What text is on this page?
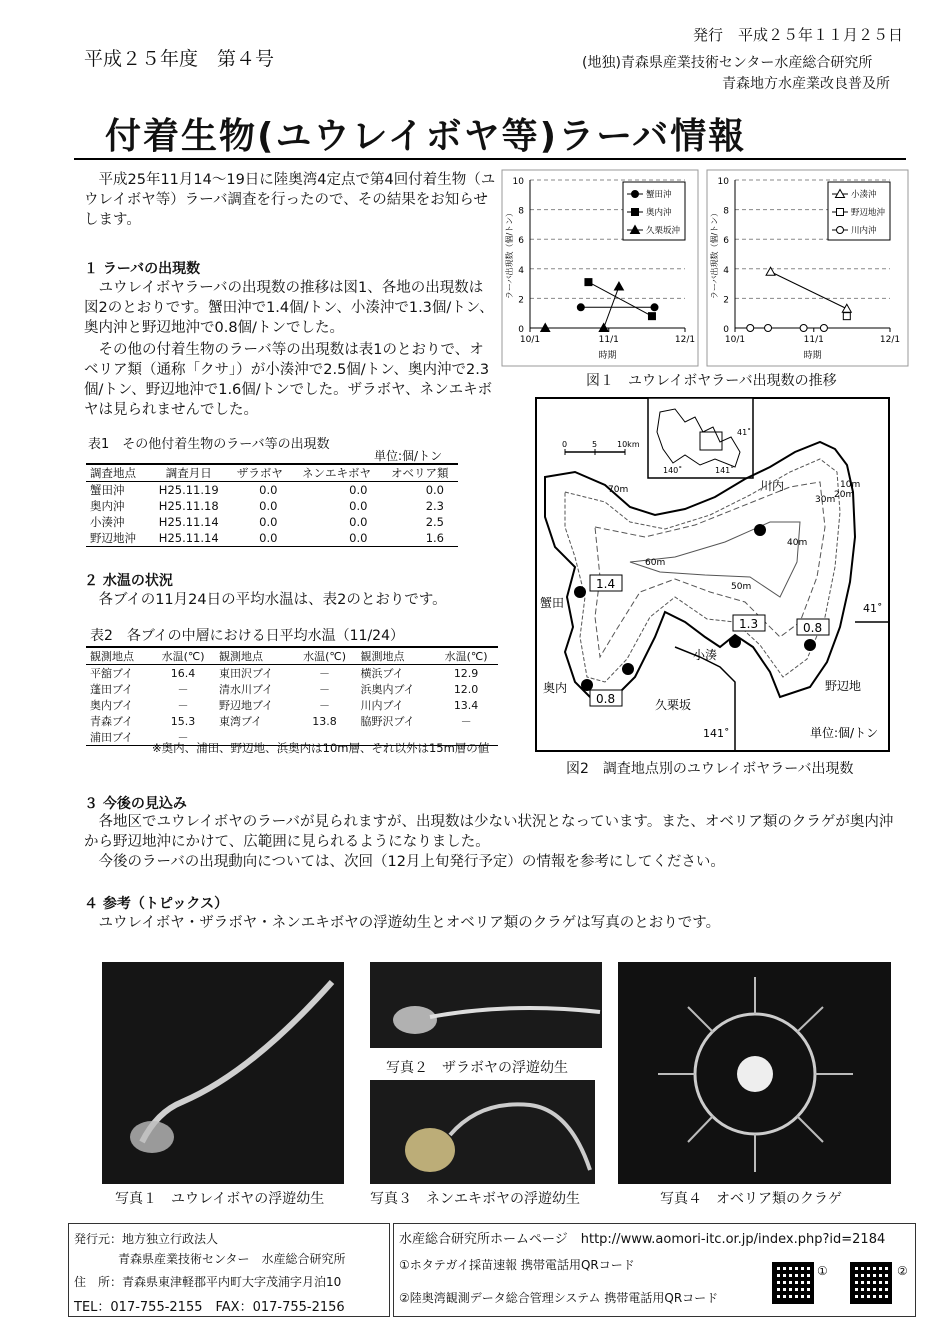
発行　平成２５年１１月２５日
平成２５年度　第４号	(地独)青森県産業技術センター水産総合研究所
青森地方水産業改良普及所
付着生物(ユウレイボヤ等)ラーバ情報
　平成25年11月14～19日に陸奥湾4定点で第4回付着生物（ユウレイボヤ等）ラーバ調査を行ったので、その結果をお知らせします。
１ ラーバの出現数
　ユウレイボヤラーバの出現数の推移は図1、各地の出現数は図2のとおりです。蟹田沖で1.4個/トン、小湊沖で1.3個/トン、奥内沖と野辺地沖で0.8個/トンでした。
　その他の付着生物のラーバ等の出現数は表1のとおりで、オベリア類（通称「クサ」）が小湊沖で2.5個/トン、奥内沖で2.3個/トン、野辺地沖で1.6個/トンでした。ザラボヤ、ネンエキボヤは見られませんでした。
表1　その他付着生物のラーバ等の出現数
単位:個/トン
調査地点	調査月日	ザラボヤ	ネンエキボヤ	オベリア類
蟹田沖	H25.11.19	0.0	0.0	0.0
奥内沖	H25.11.18	0.0	0.0	2.3
小湊沖	H25.11.14	0.0	0.0	2.5
野辺地沖	H25.11.14	0.0	0.0	1.6
２ 水温の状況
　各ブイの11月24日の平均水温は、表2のとおりです。
表2　各ブイの中層における日平均水温（11/24）
観測地点	水温(℃)	観測地点	水温(℃)	観測地点	水温(℃)
平舘ブイ	16.4	東田沢ブイ	－	横浜ブイ	12.9
蓬田ブイ	－	清水川ブイ	－	浜奥内ブイ	12.0
奥内ブイ	－	野辺地ブイ	－	川内ブイ	13.4
青森ブイ	15.3	東湾ブイ	13.8	脇野沢ブイ	－
浦田ブイ	－				
※奥内、浦田、野辺地、浜奥内は10m層、それ以外は15m層の値
0
2
4
6
8
10
10/1	11/1	12/1
時期
ラーバ出現数（個/トン）
蟹田沖
奥内沖
久栗坂沖
0
2
4
6
8
10
10/1	11/1	12/1
時期
ラーバ出現数（個/トン）
小湊沖
野辺地沖
川内沖
図１　ユウレイボヤラーバ出現数の推移
41˚
140˚	141˚
0	5 10km
70m
30m
20m
10m
40m
60m
50m
川内
蟹田
小湊
奥内	野辺地
久栗坂
41˚
141˚
1.4
1.3	0.8
0.8
単位:個/トン
図2　調査地点別のユウレイボヤラーバ出現数
３ 今後の見込み
　各地区でユウレイボヤのラーバが見られますが、出現数は少ない状況となっています。また、オベリア類のクラゲが奥内沖から野辺地沖にかけて、広範囲に見られるようになりました。
　今後のラーバの出現動向については、次回（12月上旬発行予定）の情報を参考にしてください。
４ 参考（トピックス）
　ユウレイボヤ・ザラボヤ・ネンエキボヤの浮遊幼生とオベリア類のクラゲは写真のとおりです。
写真１　ユウレイボヤの浮遊幼生
写真２　ザラボヤの浮遊幼生
写真３　ネンエキボヤの浮遊幼生	写真４　オベリア類のクラゲ
発行元：地方独立行政法人
青森県産業技術センター　水産総合研究所
住　所：青森県東津軽郡平内町大字茂浦字月泊10
TEL：017-755-2155　FAX：017-755-2156
水産総合研究所ホームページ　http://www.aomori-itc.or.jp/index.php?id=2184
①ホタテガイ採苗速報 携帯電話用QRコード
②陸奥湾観測データ総合管理システム 携帯電話用QRコード
①	②
